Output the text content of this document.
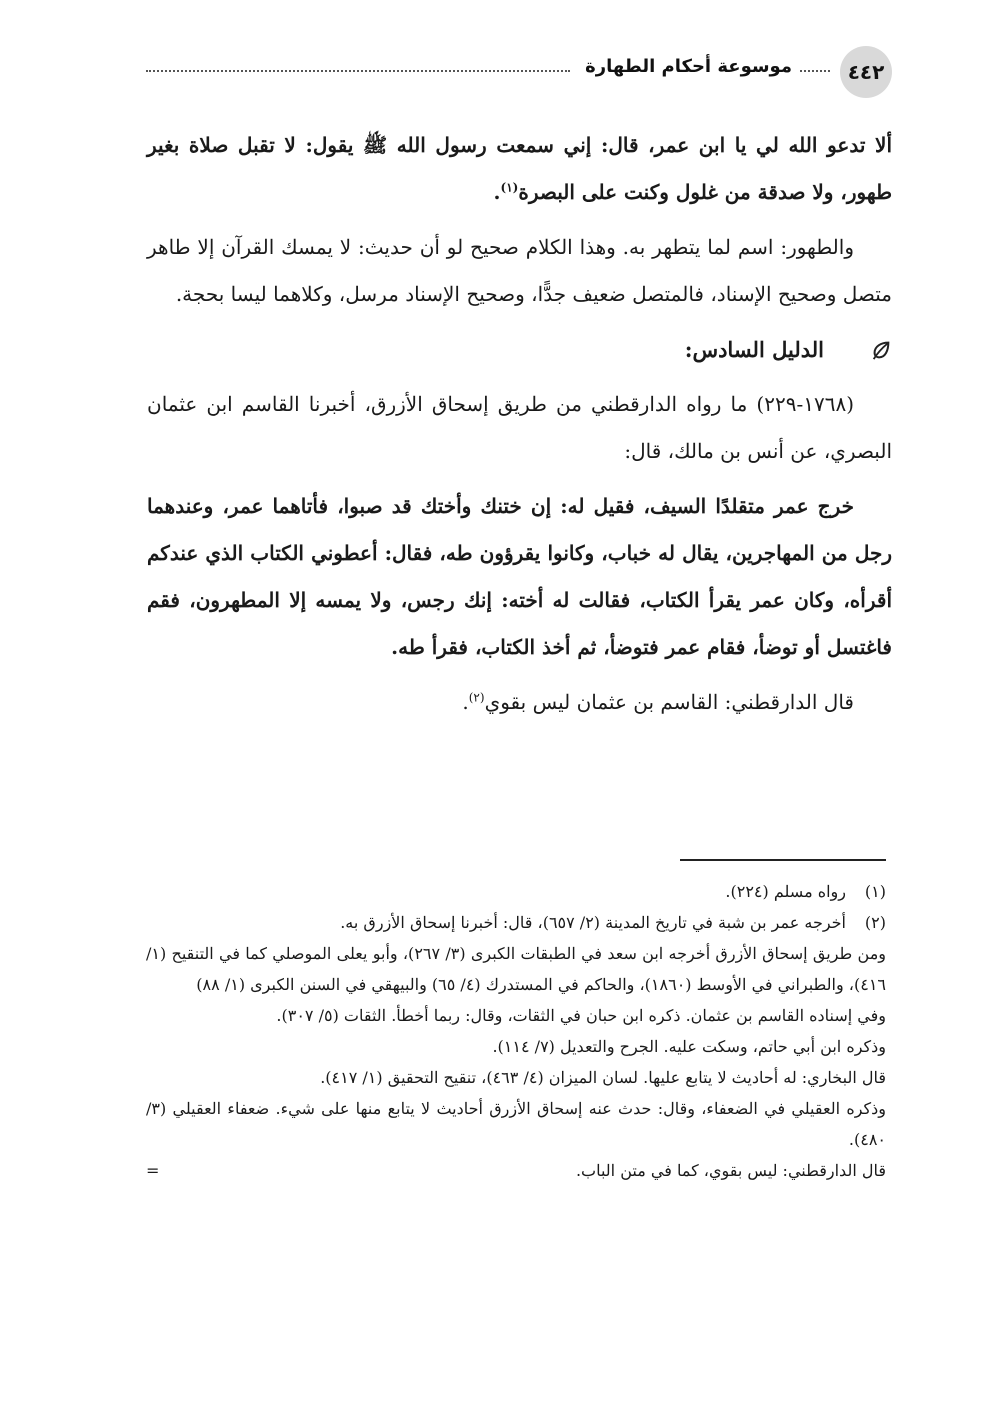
٤٤٢
موسوعة أحكام الطهارة

ألا تدعو الله لي يا ابن عمر، قال: إني سمعت رسول الله ﷺ يقول: لا تقبل صلاة بغير طهور، ولا صدقة من غلول وكنت على البصرة$^{(١)}$.

والطهور: اسم لما يتطهر به. وهذا الكلام صحيح لو أن حديث: لا يمسك القرآن إلا طاهر متصل وصحيح الإسناد، فالمتصل ضعيف جدًّا، وصحيح الإسناد مرسل، وكلاهما ليسا بحجة.

الدليل السادس:

(١٧٦٨-٢٢٩) ما رواه الدارقطني من طريق إسحاق الأزرق، أخبرنا القاسم ابن عثمان البصري، عن أنس بن مالك، قال:

خرج عمر متقلدًا السيف، فقيل له: إن ختنك وأختك قد صبوا، فأتاهما عمر، وعندهما رجل من المهاجرين، يقال له خباب، وكانوا يقرؤون طه، فقال: أعطوني الكتاب الذي عندكم أقرأه، وكان عمر يقرأ الكتاب، فقالت له أخته: إنك رجس، ولا يمسه إلا المطهرون، فقم فاغتسل أو توضأ، فقام عمر فتوضأ، ثم أخذ الكتاب، فقرأ طه.

قال الدارقطني: القاسم بن عثمان ليس بقوي$^{(٢)}$.

(١)
رواه مسلم (٢٢٤).
(٢)
أخرجه عمر بن شبة في تاريخ المدينة (٢/ ٦٥٧)، قال: أخبرنا إسحاق الأزرق به.

ومن طريق إسحاق الأزرق أخرجه ابن سعد في الطبقات الكبرى (٣/ ٢٦٧)، وأبو يعلى الموصلي كما في التنقيح (١/ ٤١٦)، والطبراني في الأوسط (١٨٦٠)، والحاكم في المستدرك (٤/ ٦٥) والبيهقي في السنن الكبرى (١/ ٨٨)

وفي إسناده القاسم بن عثمان. ذكره ابن حبان في الثقات، وقال: ربما أخطأ. الثقات (٥/ ٣٠٧).

وذكره ابن أبي حاتم، وسكت عليه. الجرح والتعديل (٧/ ١١٤).

قال البخاري: له أحاديث لا يتابع عليها. لسان الميزان (٤/ ٤٦٣)، تنقيح التحقيق (١/ ٤١٧).

وذكره العقيلي في الضعفاء، وقال: حدث عنه إسحاق الأزرق أحاديث لا يتابع منها على شيء. ضعفاء العقيلي (٣/ ٤٨٠).

قال الدارقطني: ليس بقوي، كما في متن الباب.
=
